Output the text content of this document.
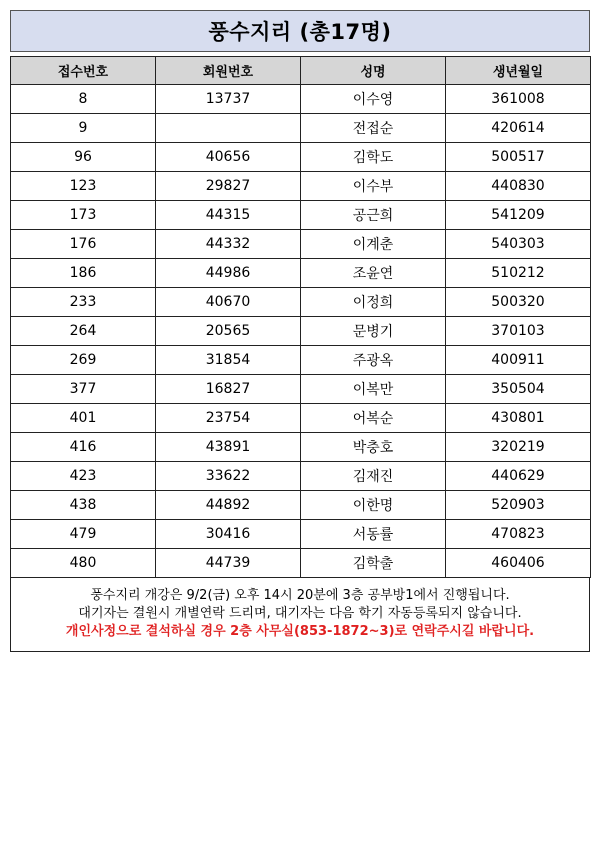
풍수지리 (총17명)
접수번호	회원번호	성명	생년월일
8	13737	이수영	361008
9		전접순	420614
96	40656	김학도	500517
123	29827	이수부	440830
173	44315	공근희	541209
176	44332	이계춘	540303
186	44986	조윤연	510212
233	40670	이정희	500320
264	20565	문병기	370103
269	31854	주광옥	400911
377	16827	이복만	350504
401	23754	어복순	430801
416	43891	박충호	320219
423	33622	김재진	440629
438	44892	이한명	520903
479	30416	서동률	470823
480	44739	김학출	460406
풍수지리 개강은 9/2(금) 오후 14시 20분에 3층 공부방1에서 진행됩니다.
대기자는 결원시 개별연락 드리며, 대기자는 다음 학기 자동등록되지 않습니다.
개인사정으로 결석하실 경우 2층 사무실(853-1872~3)로 연락주시길 바랍니다.
